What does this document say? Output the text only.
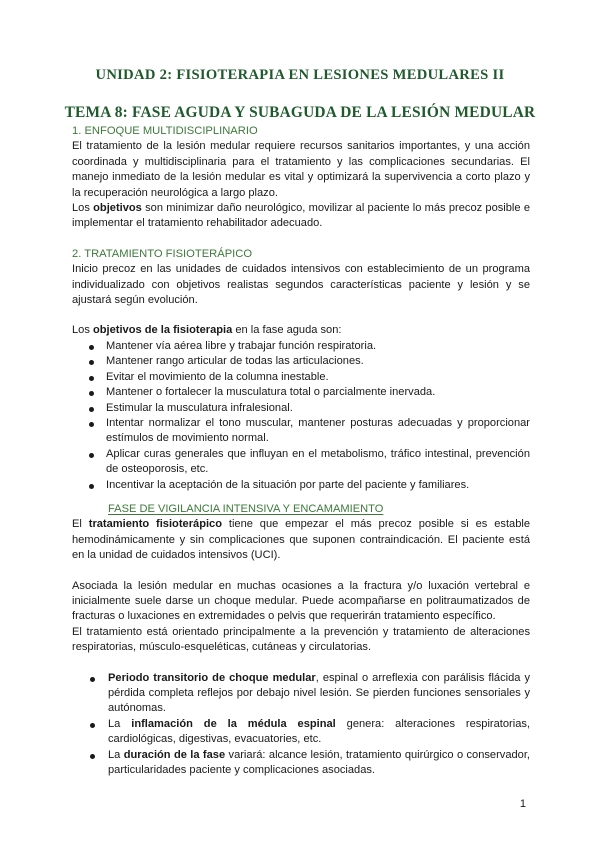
UNIDAD 2: FISIOTERAPIA EN LESIONES MEDULARES II
TEMA 8: FASE AGUDA Y SUBAGUDA DE LA LESIÓN MEDULAR
1. ENFOQUE MULTIDISCIPLINARIO

El tratamiento de la lesión medular requiere recursos sanitarios importantes, y una acción coordinada y multidisciplinaria para el tratamiento y las complicaciones secundarias. El manejo inmediato de la lesión medular es vital y optimizará la supervivencia a corto plazo y la recuperación neurológica a largo plazo.

Los objetivos son minimizar daño neurológico, movilizar al paciente lo más precoz posible e implementar el tratamiento rehabilitador adecuado.

2. TRATAMIENTO FISIOTERÁPICO

Inicio precoz en las unidades de cuidados intensivos con establecimiento de un programa individualizado con objetivos realistas segundos características paciente y lesión y se ajustará según evolución.

Los objetivos de la fisioterapia en la fase aguda son:

Mantener vía aérea libre y trabajar función respiratoria.
Mantener rango articular de todas las articulaciones.
Evitar el movimiento de la columna inestable.
Mantener o fortalecer la musculatura total o parcialmente inervada.
Estimular la musculatura infralesional.
Intentar normalizar el tono muscular, mantener posturas adecuadas y proporcionar estímulos de movimiento normal.
Aplicar curas generales que influyan en el metabolismo, tráfico intestinal, prevención de osteoporosis, etc.
Incentivar la aceptación de la situación por parte del paciente y familiares.
FASE DE VIGILANCIA INTENSIVA Y ENCAMAMIENTO

El tratamiento fisioterápico tiene que empezar el más precoz posible si es estable hemodinámicamente y sin complicaciones que suponen contraindicación. El paciente está en la unidad de cuidados intensivos (UCI).

Asociada la lesión medular en muchas ocasiones a la fractura y/o luxación vertebral e inicialmente suele darse un choque medular. Puede acompañarse en politraumatizados de fracturas o luxaciones en extremidades o pelvis que requerirán tratamiento específico.

El tratamiento está orientado principalmente a la prevención y tratamiento de alteraciones respiratorias, músculo-esqueléticas, cutáneas y circulatorias.

Periodo transitorio de choque medular, espinal o arreflexia con parálisis flácida y pérdida completa reflejos por debajo nivel lesión. Se pierden funciones sensoriales y autónomas.
La inflamación de la médula espinal genera: alteraciones respiratorias, cardiológicas, digestivas, evacuatories, etc.
La duración de la fase variará: alcance lesión, tratamiento quirúrgico o conservador, particularidades paciente y complicaciones asociadas.
1
